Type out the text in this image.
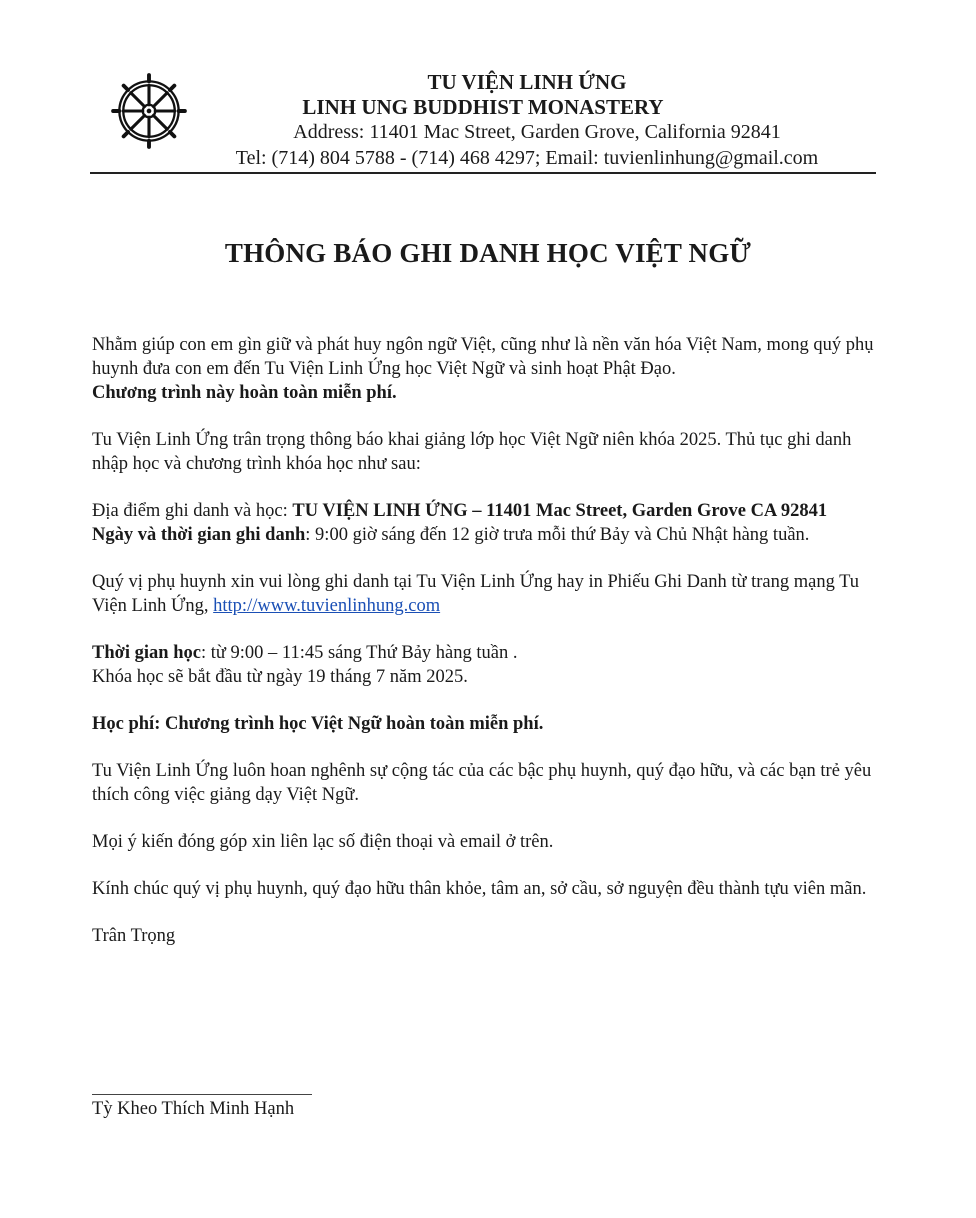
TU VIỆN LINH ỨNG
LINH UNG BUDDHIST MONASTERY
Address: 11401 Mac Street, Garden Grove, California 92841
Tel: (714) 804 5788 - (714) 468 4297; Email: tuvienlinhung@gmail.com
THÔNG BÁO GHI DANH HỌC VIỆT NGỮ

Nhằm giúp con em gìn giữ và phát huy ngôn ngữ Việt, cũng như là nền văn hóa Việt Nam, mong quý phụ huynh đưa con em đến Tu Viện Linh Ứng học Việt Ngữ và sinh hoạt Phật Đạo.
Chương trình này hoàn toàn miễn phí.

Tu Viện Linh Ứng trân trọng thông báo khai giảng lớp học Việt Ngữ niên khóa 2025. Thủ tục ghi danh nhập học và chương trình khóa học như sau:

Địa điểm ghi danh và học: TU VIỆN LINH ỨNG – 11401 Mac Street, Garden Grove CA 92841
Ngày và thời gian ghi danh: 9:00 giờ sáng đến 12 giờ trưa mỗi thứ Bảy và Chủ Nhật hàng tuần.

Quý vị phụ huynh xin vui lòng ghi danh tại Tu Viện Linh Ứng hay in Phiếu Ghi Danh từ trang mạng Tu Viện Linh Ứng, http://www.tuvienlinhung.com

Thời gian học: từ 9:00 – 11:45 sáng Thứ Bảy hàng tuần .
Khóa học sẽ bắt đầu từ ngày 19 tháng 7 năm 2025.

Học phí: Chương trình học Việt Ngữ hoàn toàn miễn phí.

Tu Viện Linh Ứng luôn hoan nghênh sự cộng tác của các bậc phụ huynh, quý đạo hữu, và các bạn trẻ yêu thích công việc giảng dạy Việt Ngữ.

Mọi ý kiến đóng góp xin liên lạc số điện thoại và email ở trên.

Kính chúc quý vị phụ huynh, quý đạo hữu thân khỏe, tâm an, sở cầu, sở nguyện đều thành tựu viên mãn.

Trân Trọng

Tỳ Kheo Thích Minh Hạnh
